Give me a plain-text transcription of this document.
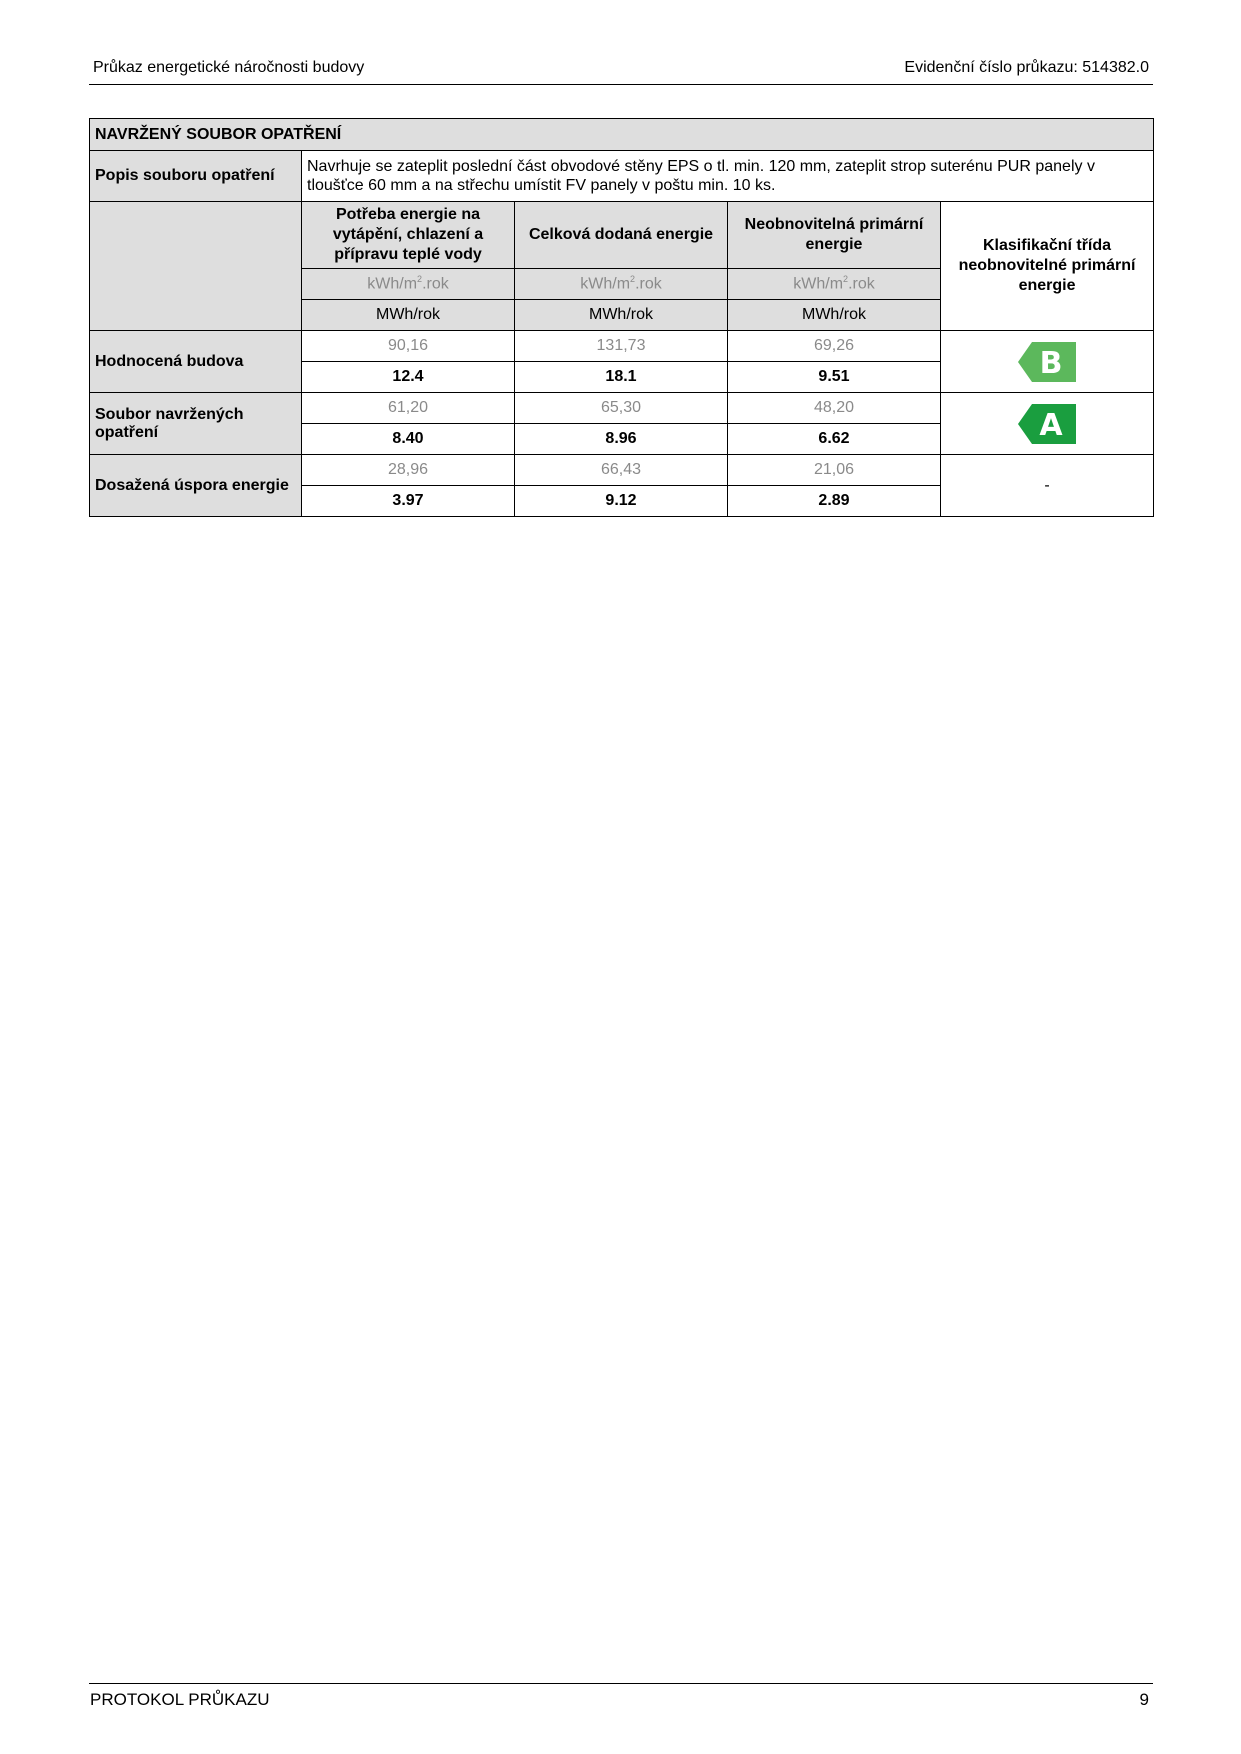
Průkaz energetické náročnosti budovy	Evidenční číslo průkazu: 514382.0
NAVRŽENÝ SOUBOR OPATŘENÍ				
Popis souboru opatření	Navrhuje se zateplit poslední část obvodové stěny EPS o tl. min. 120 mm, zateplit strop suterénu PUR panely v tloušťce 60 mm a na střechu umístit FV panely v poštu min. 10 ks.			
	Potřeba energie na vytápění, chlazení a přípravu teplé vody	Celková dodaná energie	Neobnovitelná primární energie	Klasifikační třída neobnovitelné primární energie
	kWh/$m^2.rok$	kWh/$m^2.rok$	kWh/$m^2.rok$	
	MWh/rok	MWh/rok	MWh/rok	
Hodnocená budova	90,16	131,73	69,26	B

	12.4	18.1	9.51	
Soubor navržených opatření	61,20	65,30	48,20	A

	8.40	8.96	6.62	
Dosažená úspora energie	28,96	66,43	21,06	-
	3.97	9.12	2.89	
PROTOKOL PRŮKAZU	9
